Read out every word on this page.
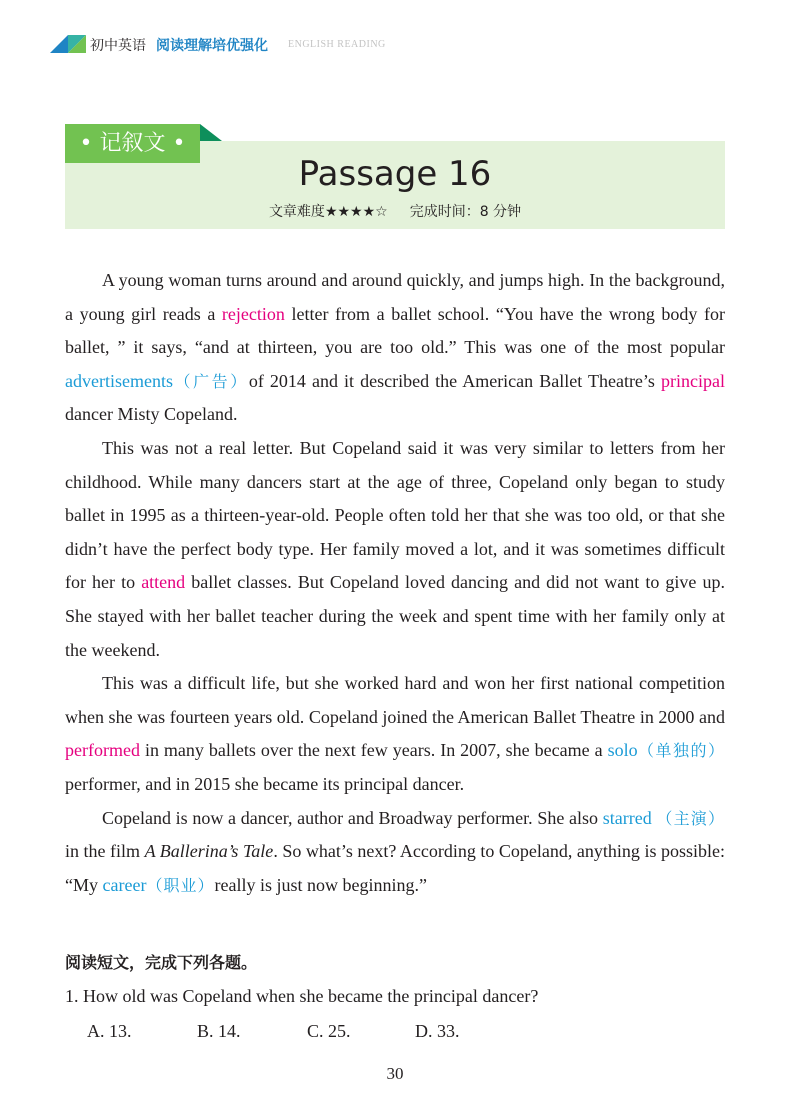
初中英语 阅读理解培优强化 ENGLISH READING
• 记叙文 •
Passage 16
文章难度★★★★☆ 完成时间：8 分钟

A young woman turns around and around quickly, and jumps high. In the background, a young girl reads a rejection letter from a ballet school. “You have the wrong body for ballet, ” it says, “and at thirteen, you are too old.” This was one of the most popular advertisements（广告）of 2014 and it described the American Ballet Theatre’s principal dancer Misty Copeland.

This was not a real letter. But Copeland said it was very similar to letters from her childhood. While many dancers start at the age of three, Copeland only began to study ballet in 1995 as a thirteen-year-old. People often told her that she was too old, or that she didn’t have the perfect body type. Her family moved a lot, and it was sometimes difficult for her to attend ballet classes. But Copeland loved dancing and did not want to give up. She stayed with her ballet teacher during the week and spent time with her family only at the weekend.

This was a difficult life, but she worked hard and won her first national competition when she was fourteen years old. Copeland joined the American Ballet Theatre in 2000 and performed in many ballets over the next few years. In 2007, she became a solo（单独的）performer, and in 2015 she became its principal dancer.

Copeland is now a dancer, author and Broadway performer. She also starred （主演） in the film A Ballerina’s Tale. So what’s next? According to Copeland, anything is possible: “My career（职业）really is just now beginning.”

阅读短文，完成下列各题。
1. How old was Copeland when she became the principal dancer?
A. 13.	B. 14.	C. 25.	D. 33.
30
